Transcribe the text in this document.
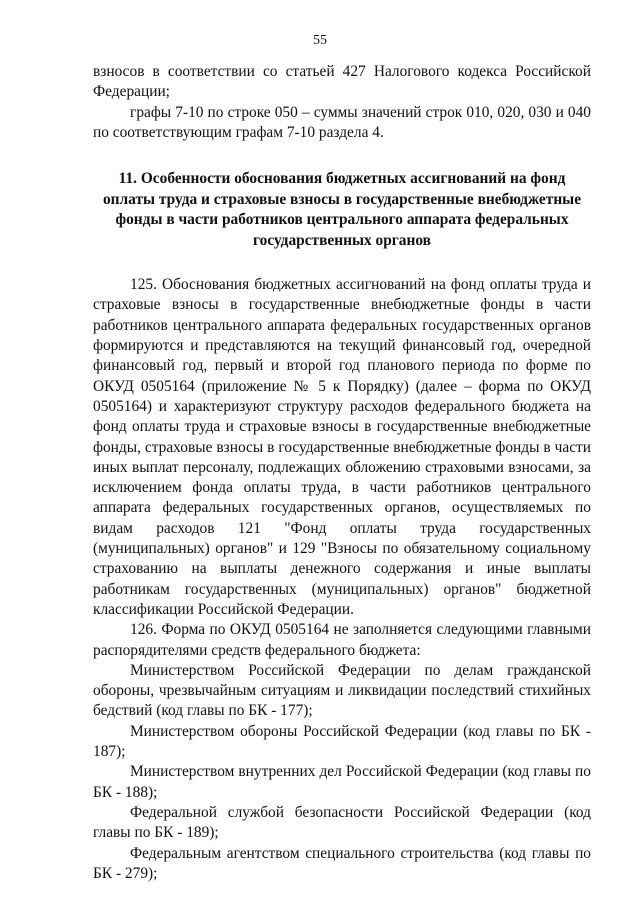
55

взносов в соответствии со статьей 427 Налогового кодекса Российской Федерации;

графы 7-10 по строке 050 – суммы значений строк 010, 020, 030 и 040 по соответствующим графам 7-10 раздела 4.

11. Особенности обоснования бюджетных ассигнований на фонд оплаты труда и страховые взносы в государственные внебюджетные фонды в части работников центрального аппарата федеральных государственных органов

125. Обоснования бюджетных ассигнований на фонд оплаты труда и страховые взносы в государственные внебюджетные фонды в части работников центрального аппарата федеральных государственных органов формируются и представляются на текущий финансовый год, очередной финансовый год, первый и второй год планового периода по форме по ОКУД 0505164 (приложение № 5 к Порядку) (далее – форма по ОКУД 0505164) и характеризуют структуру расходов федерального бюджета на фонд оплаты труда и страховые взносы в государственные внебюджетные фонды, страховые взносы в государственные внебюджетные фонды в части иных выплат персоналу, подлежащих обложению страховыми взносами, за исключением фонда оплаты труда, в части работников центрального аппарата федеральных государственных органов, осуществляемых по видам расходов 121 "Фонд оплаты труда государственных (муниципальных) органов" и 129 "Взносы по обязательному социальному страхованию на выплаты денежного содержания и иные выплаты работникам государственных (муниципальных) органов" бюджетной классификации Российской Федерации.

126. Форма по ОКУД 0505164 не заполняется следующими главными распорядителями средств федерального бюджета:

Министерством Российской Федерации по делам гражданской обороны, чрезвычайным ситуациям и ликвидации последствий стихийных бедствий (код главы по БК - 177);

Министерством обороны Российской Федерации (код главы по БК - 187);

Министерством внутренних дел Российской Федерации (код главы по БК - 188);

Федеральной службой безопасности Российской Федерации (код главы по БК - 189);

Федеральным агентством специального строительства (код главы по БК - 279);
